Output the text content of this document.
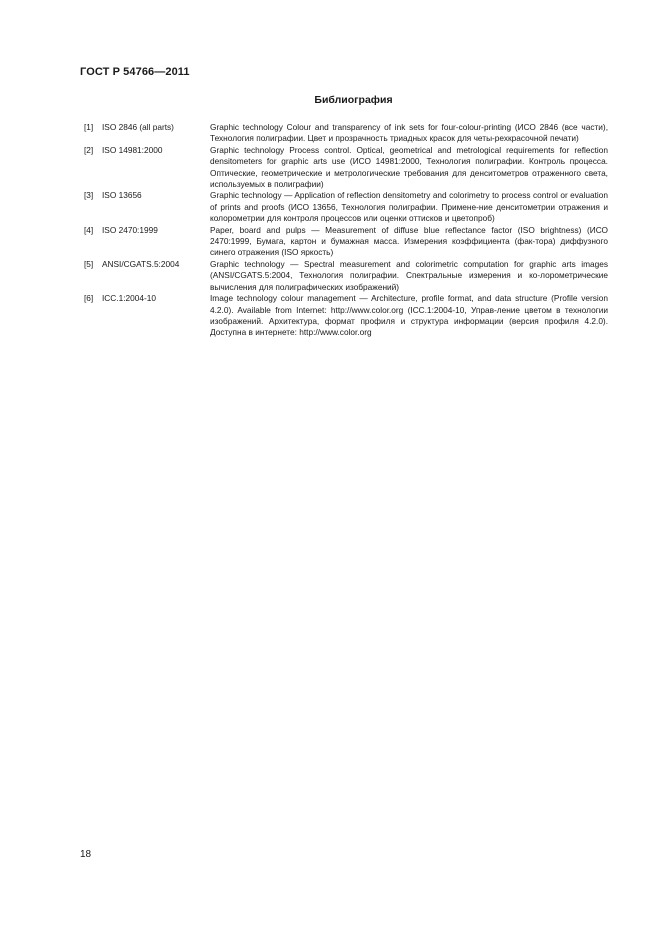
ГОСТ Р 54766—2011
Библиография
[1]	ISO 2846 (all parts)	Graphic technology Colour and transparency of ink sets for four-colour-printing (ИСО 2846 (все части), Технология полиграфии. Цвет и прозрачность триадных красок для четы-рехкрасочной печати)
[2]	ISO 14981:2000	Graphic technology Process control. Optical, geometrical and metrological requirements for reflection densitometers for graphic arts use (ИСО 14981:2000, Технология полиграфии. Контроль процесса. Оптические, геометрические и метрологические требования для денситометров отраженного света, используемых в полиграфии)
[3]	ISO 13656	Graphic technology — Application of reflection densitometry and colorimetry to process control or evaluation of prints and proofs (ИСО 13656, Технология полиграфии. Примене-ние денситометрии отражения и колорометрии для контроля процессов или оценки оттисков и цветопроб)
[4]	ISO 2470:1999	Paper, board and pulps — Measurement of diffuse blue reflectance factor (ISO brightness) (ИСО 2470:1999, Бумага, картон и бумажная масса. Измерения коэффициента (фак-тора) диффузного синего отражения (ISO яркость)
[5]	ANSI/CGATS.5:2004	Graphic technology — Spectral measurement and colorimetric computation for graphic arts images (ANSI/CGATS.5:2004, Технология полиграфии. Спектральные измерения и ко-лорометрические вычисления для полиграфических изображений)
[6]	ICC.1:2004-10	Image technology colour management — Architecture, profile format, and data structure (Profile version 4.2.0). Available from Internet: http://www.color.org (ICC.1:2004-10, Управ-ление цветом в технологии изображений. Архитектура, формат профиля и структура информации (версия профиля 4.2.0). Доступна в интернете: http://www.color.org
18
